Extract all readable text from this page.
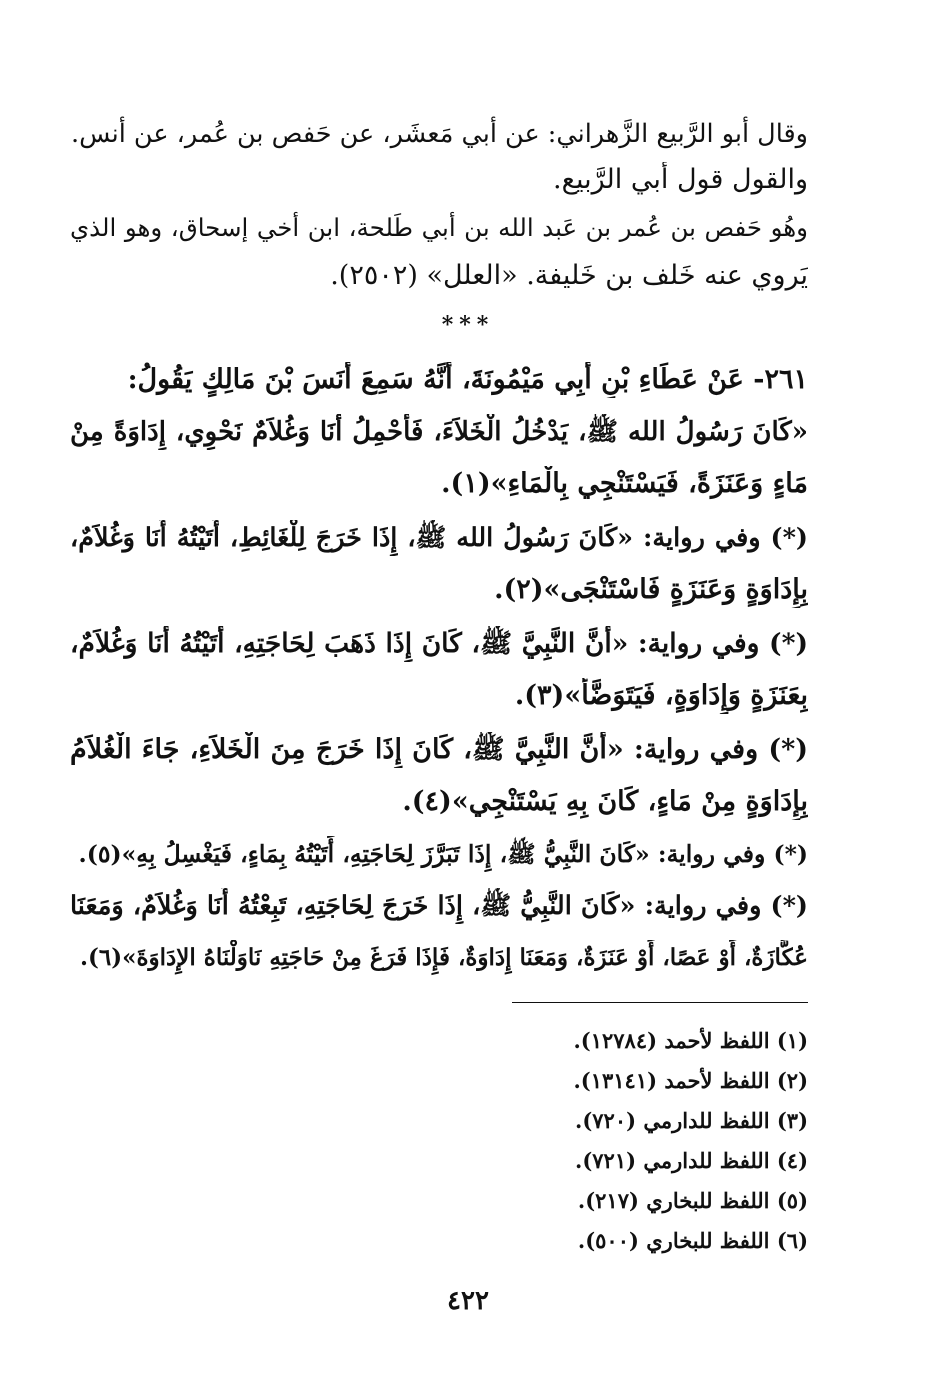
وقال أبو الرَّبيع الزَّهراني: عن أبي مَعشَر، عن حَفص بن عُمر، عن أنس.
والقول قول أبي الرَّبيع.
وهُو حَفص بن عُمر بن عَبد الله بن أبي طَلحة، ابن أخي إسحاق، وهو الذي
يَروي عنه خَلف بن خَليفة. «العلل» (٢٥٠٢).
***
٢٦١- عَنْ عَطَاءِ بْنِ أَبِي مَيْمُونَةَ، أَنَّهُ سَمِعَ أَنَسَ بْنَ مَالِكٍ يَقُولُ:
«كَانَ رَسُولُ الله ﷺ، يَدْخُلُ الْخَلاَءَ، فَأَحْمِلُ أَنَا وَغُلاَمٌ نَحْوِي، إِدَاوَةً مِنْ
مَاءٍ وَعَنَزَةً، فَيَسْتَنْجِي بِالْمَاءِ»(١).
(*) وفي رواية: «كَانَ رَسُولُ الله ﷺ، إِذَا خَرَجَ لِلْغَائِطِ، أَتَيْتُهُ أَنَا وَغُلاَمٌ،
بِإِدَاوَةٍ وَعَنَزَةٍ فَاسْتَنْجَى»(٢).
(*) وفي رواية: «أَنَّ النَّبِيَّ ﷺ، كَانَ إِذَا ذَهَبَ لِحَاجَتِهِ، أَتَيْتُهُ أَنَا وَغُلاَمٌ،
بِعَنَزَةٍ وَإِدَاوَةٍ، فَيَتَوَضَّأُ»(٣).
(*) وفي رواية: «أَنَّ النَّبِيَّ ﷺ، كَانَ إِذَا خَرَجَ مِنَ الْخَلاَءِ، جَاءَ الْغُلاَمُ
بِإِدَاوَةٍ مِنْ مَاءٍ، كَانَ بِهِ يَسْتَنْجِي»(٤).
(*) وفي رواية: «كَانَ النَّبِيُّ ﷺ، إِذَا تَبَرَّزَ لِحَاجَتِهِ، أَتَيْتُهُ بِمَاءٍ، فَيَغْسِلُ بِهِ»(٥).
(*) وفي رواية: «كَانَ النَّبِيُّ ﷺ، إِذَا خَرَجَ لِحَاجَتِهِ، تَبِعْتُهُ أَنَا وَغُلاَمٌ، وَمَعَنَا
عُكَّازَةٌ، أَوْ عَصًا، أَوْ عَنَزَةٌ، وَمَعَنَا إِدَاوَةٌ، فَإِذَا فَرَغَ مِنْ حَاجَتِهِ نَاوَلْنَاهُ الإِدَاوَةَ»(٦).
(١) اللفظ لأحمد (١٢٧٨٤).
(٢) اللفظ لأحمد (١٣١٤١).
(٣) اللفظ للدارمي (٧٢٠).
(٤) اللفظ للدارمي (٧٢١).
(٥) اللفظ للبخاري (٢١٧).
(٦) اللفظ للبخاري (٥٠٠).
٤٢٢
